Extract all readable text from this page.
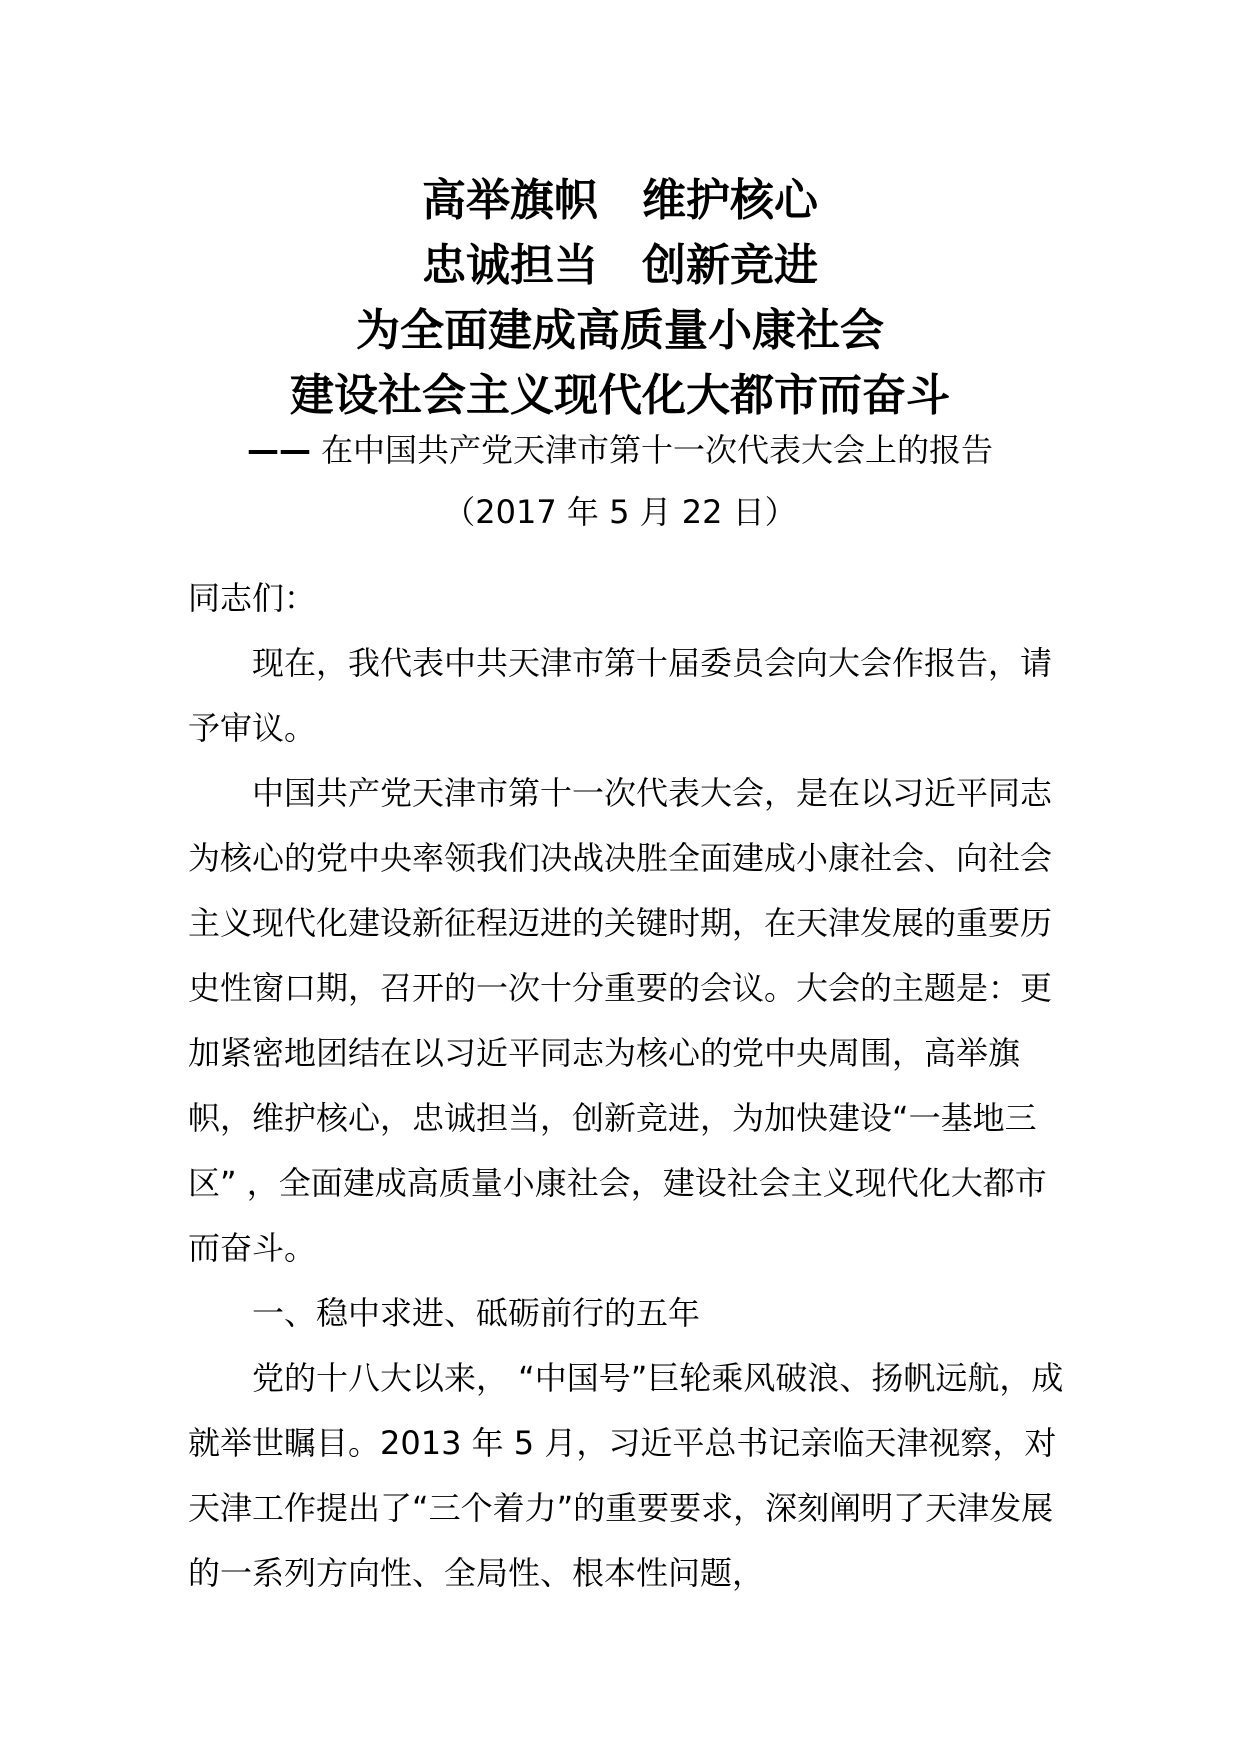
高举旗帜 维护核心
忠诚担当 创新竞进
为全面建成高质量小康社会
建设社会主义现代化大都市而奋斗
—— 在中国共产党天津市第十一次代表大会上的报告
（2017 年 5 月 22 日）

同志们：

现在，我代表中共天津市第十届委员会向大会作报告，请予审议。

中国共产党天津市第十一次代表大会，是在以习近平同志为核心的党中央率领我们决战决胜全面建成小康社会、向社会主义现代化建设新征程迈进的关键时期，在天津发展的重要历史性窗口期，召开的一次十分重要的会议。大会的主题是：更加紧密地团结在以习近平同志为核心的党中央周围，高举旗帜，维护核心，忠诚担当，创新竞进，为加快建设“一基地三区” ，全面建成高质量小康社会，建设社会主义现代化大都市而奋斗。

一、稳中求进、砥砺前行的五年

党的十八大以来， “中国号”巨轮乘风破浪、扬帆远航，成就举世瞩目。2013 年 5 月，习近平总书记亲临天津视察，对天津工作提出了“三个着力”的重要要求，深刻阐明了天津发展的一系列方向性、全局性、根本性问题，
